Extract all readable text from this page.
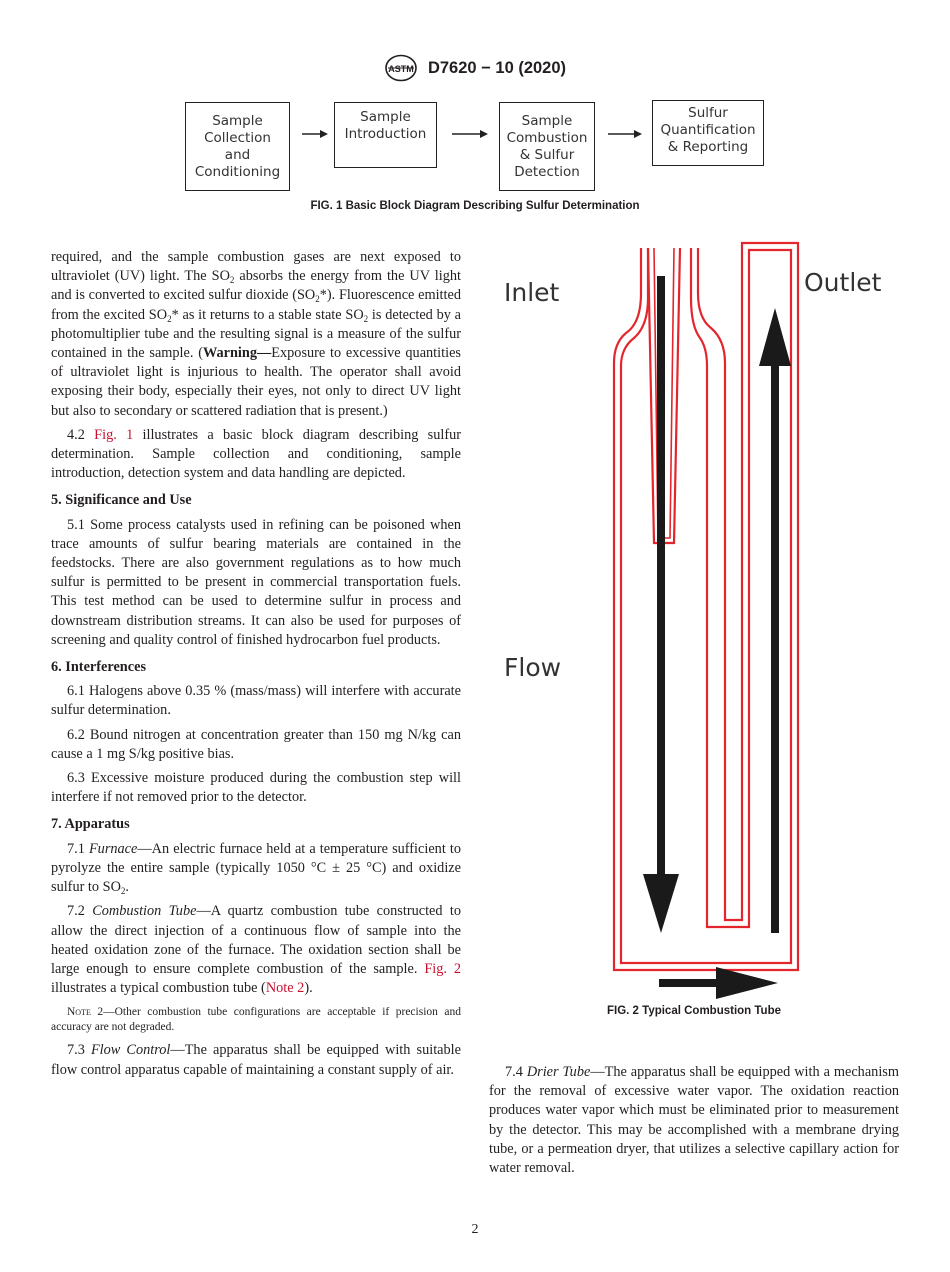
ASTM D7620 − 10 (2020)
Sample
Collection
and
Conditioning
Sample
Introduction
Sample
Combustion
& Sulfur
Detection
Sulfur
Quantification
& Reporting
FIG. 1 Basic Block Diagram Describing Sulfur Determination

required, and the sample combustion gases are next exposed to ultraviolet (UV) light. The $SO_2$ absorbs the energy from the UV light and is converted to excited sulfur dioxide $(SO_2*)$. Fluorescence emitted from the excited $SO_2*$ as it returns to a stable state $SO_2$ is detected by a photomultiplier tube and the resulting signal is a measure of the sulfur contained in the sample. (Warning—Exposure to excessive quantities of ultraviolet light is injurious to health. The operator shall avoid exposing their body, especially their eyes, not only to direct UV light but also to secondary or scattered radiation that is present.)

4.2 Fig. 1 illustrates a basic block diagram describing sulfur determination. Sample collection and conditioning, sample introduction, detection system and data handling are depicted.

5. Significance and Use

5.1 Some process catalysts used in refining can be poisoned when trace amounts of sulfur bearing materials are contained in the feedstocks. There are also government regulations as to how much sulfur is permitted to be present in commercial transportation fuels. This test method can be used to determine sulfur in process and downstream distribution streams. It can also be used for purposes of screening and quality control of finished hydrocarbon fuel products.

6. Interferences

6.1 Halogens above 0.35 % (mass/mass) will interfere with accurate sulfur determination.

6.2 Bound nitrogen at concentration greater than 150 mg N/kg can cause a 1 mg S/kg positive bias.

6.3 Excessive moisture produced during the combustion step will interfere if not removed prior to the detector.

7. Apparatus

7.1 Furnace—An electric furnace held at a temperature sufficient to pyrolyze the entire sample (typically 1050 °C ± 25 °C) and oxidize sulfur to $SO_2$.

7.2 Combustion Tube—A quartz combustion tube constructed to allow the direct injection of a continuous flow of sample into the heated oxidation zone of the furnace. The oxidation section shall be large enough to ensure complete combustion of the sample. Fig. 2 illustrates a typical combustion tube (Note 2).

Note 2—Other combustion tube configurations are acceptable if precision and accuracy are not degraded.

7.3 Flow Control—The apparatus shall be equipped with suitable flow control apparatus capable of maintaining a constant supply of air.

Inlet	Outlet
Flow
FIG. 2 Typical Combustion Tube

7.4 Drier Tube—The apparatus shall be equipped with a mechanism for the removal of excessive water vapor. The oxidation reaction produces water vapor which must be eliminated prior to measurement by the detector. This may be accomplished with a membrane drying tube, or a permeation dryer, that utilizes a selective capillary action for water removal.

2
